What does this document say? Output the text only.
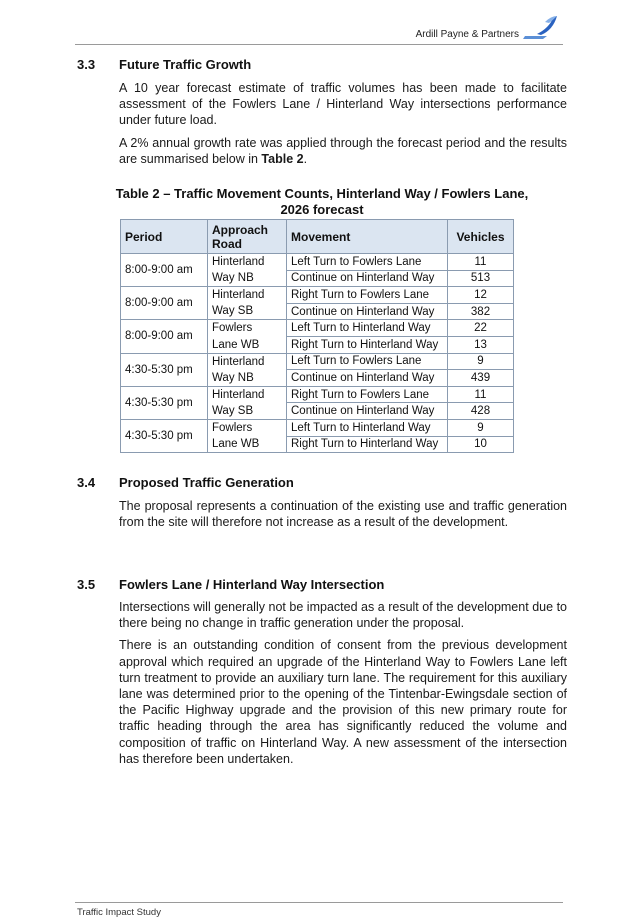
Ardill Payne & Partners
3.3	Future Traffic Growth

A 10 year forecast estimate of traffic volumes has been made to facilitate assessment of the Fowlers Lane / Hinterland Way intersections performance under future load.

A 2% annual growth rate was applied through the forecast period and the results are summarised below in Table 2.

Table 2 – Traffic Movement Counts, Hinterland Way / Fowlers Lane,
2026 forecast
Period	Approach Road	Movement	Vehicles
8:00-9:00 am	Hinterland	Left Turn to Fowlers Lane	11
	Way NB	Continue on Hinterland Way	513
8:00-9:00 am	Hinterland	Right Turn to Fowlers Lane	12
	Way SB	Continue on Hinterland Way	382
8:00-9:00 am	Fowlers	Left Turn to Hinterland Way	22
	Lane WB	Right Turn to Hinterland Way	13
4:30-5:30 pm	Hinterland	Left Turn to Fowlers Lane	9
	Way NB	Continue on Hinterland Way	439
4:30-5:30 pm	Hinterland	Right Turn to Fowlers Lane	11
	Way SB	Continue on Hinterland Way	428
4:30-5:30 pm	Fowlers	Left Turn to Hinterland Way	9
	Lane WB	Right Turn to Hinterland Way	10
3.4	Proposed Traffic Generation

The proposal represents a continuation of the existing use and traffic generation from the site will therefore not increase as a result of the development.

3.5	Fowlers Lane / Hinterland Way Intersection

Intersections will generally not be impacted as a result of the development due to there being no change in traffic generation under the proposal.

There is an outstanding condition of consent from the previous development approval which required an upgrade of the Hinterland Way to Fowlers Lane left turn treatment to provide an auxiliary turn lane. The requirement for this auxiliary lane was determined prior to the opening of the Tintenbar-Ewingsdale section of the Pacific Highway upgrade and the provision of this new primary route for traffic heading through the area has significantly reduced the volume and composition of traffic on Hinterland Way. A new assessment of the intersection has therefore been undertaken.

Traffic Impact Study
